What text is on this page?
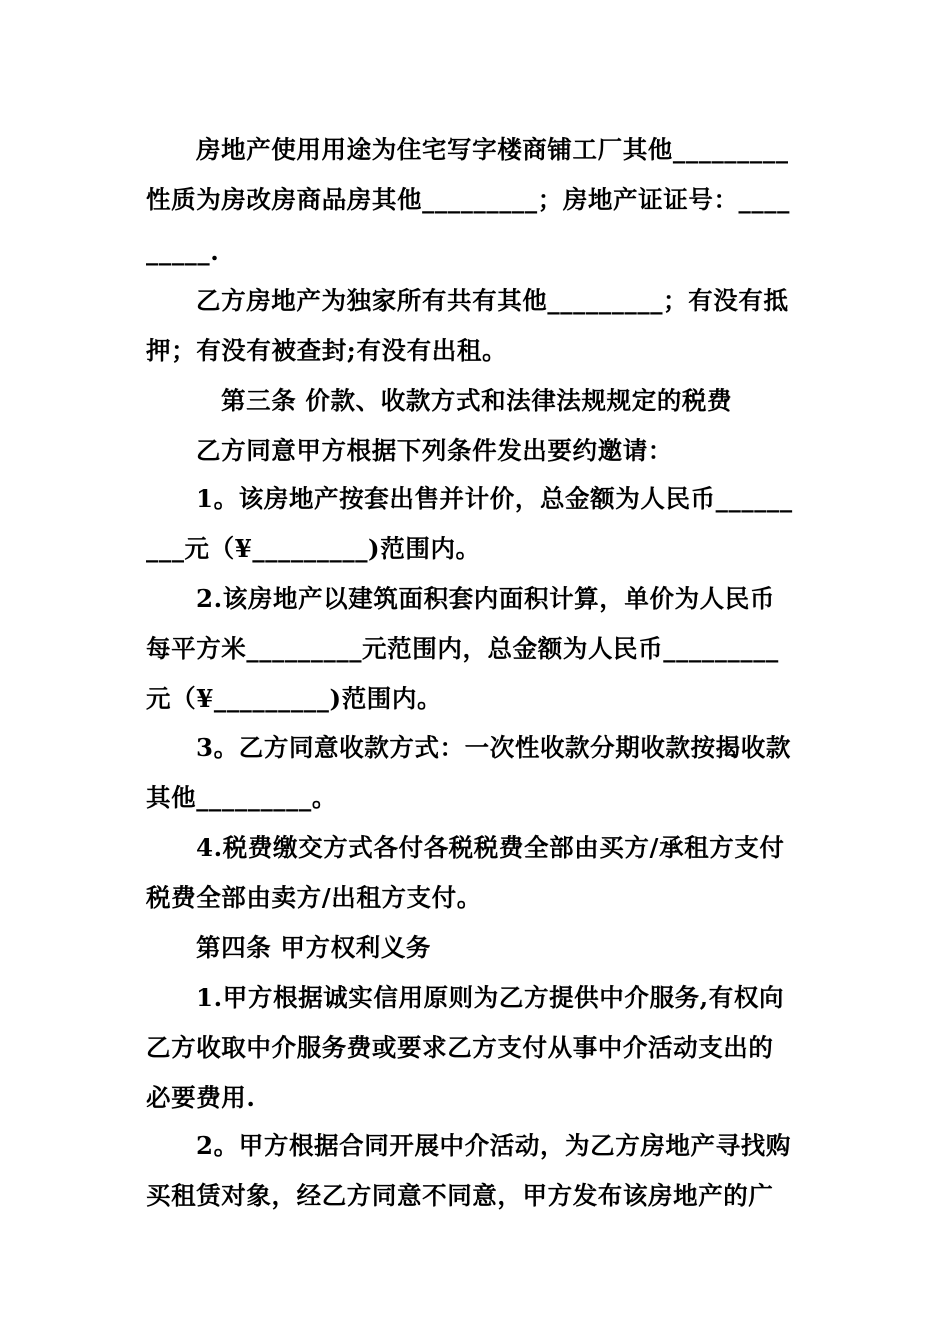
房地产使用用途为住宅写字楼商铺工厂其他_________
性质为房改房商品房其他_________；房地产证证号：____
_____.
乙方房地产为独家所有共有其他_________；有没有抵
押；有没有被查封;有没有出租。
第三条 价款、收款方式和法律法规规定的税费
乙方同意甲方根据下列条件发出要约邀请：
1。该房地产按套出售并计价，总金额为人民币______
___元（¥_________)范围内。
2.该房地产以建筑面积套内面积计算，单价为人民币
每平方米_________元范围内，总金额为人民币_________
元（¥_________)范围内。
3。乙方同意收款方式：一次性收款分期收款按揭收款
其他_________。
4.税费缴交方式各付各税税费全部由买方/承租方支付
税费全部由卖方/出租方支付。
第四条 甲方权利义务
1.甲方根据诚实信用原则为乙方提供中介服务,有权向
乙方收取中介服务费或要求乙方支付从事中介活动支出的
必要费用.
2。甲方根据合同开展中介活动，为乙方房地产寻找购
买租赁对象，经乙方同意不同意，甲方发布该房地产的广
